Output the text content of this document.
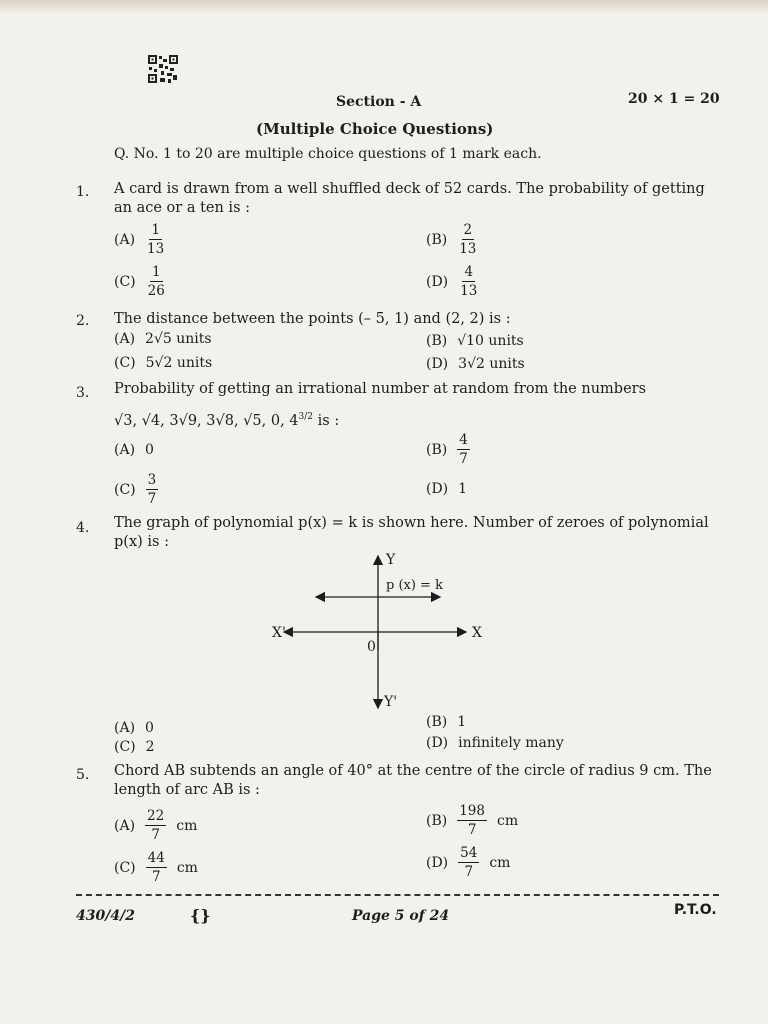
Section - A	20 × 1 = 20
(Multiple Choice Questions)
Q. No. 1 to 20 are multiple choice questions of 1 mark each.
1. A card is drawn from a well shuffled deck of 52 cards. The probability of getting an ace or a ten is :
$(A) \frac{1}{13}$	$(B) \frac{2}{13}$
$(C) \frac{1}{26}$	$(D) \frac{4}{13}$
2. The distance between the points (– 5, 1) and (2, 2) is :
(A) 2√5 units	(B) √10 units
(C) 5√2 units	(D) 3√2 units
3. Probability of getting an irrational number at random from the numbers
√3, √4, 3√9, 3√8, √5, 0, $4^{3/2}$ is :
(A) 0	$(B) \frac{4}{7}$
$(C) \frac{3}{7}$	(D) 1
4. The graph of polynomial p(x) = k is shown here. Number of zeroes of polynomial p(x) is :
Y
Y'
X
X'
0
p (x) = k
(A) 0	(B) 1
(C) 2	(D) infinitely many
5. Chord AB subtends an angle of 40° at the centre of the circle of radius 9 cm. The length of arc AB is :
$(A) \frac{22}{7}$ cm	$(B) \frac{198}{7}$ cm
$(C) \frac{44}{7}$ cm	$(D) \frac{54}{7}$ cm
430/4/2	{}	Page 5 of 24	P.T.O.
